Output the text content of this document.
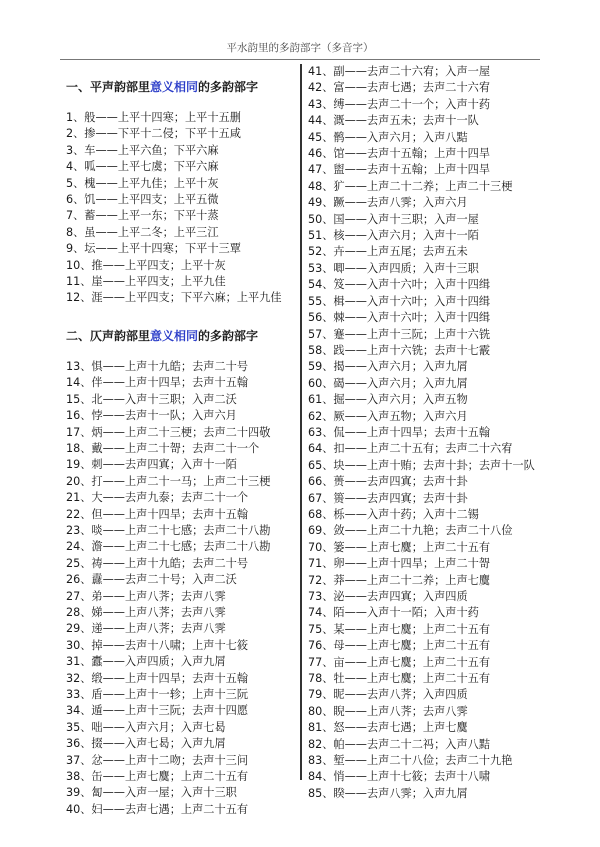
平水韵里的多韵部字（多音字）
一、平声韵部里意义相同的多韵部字
1、般——上平十四寒；上平十五删
2、掺——下平十二侵；下平十五咸
3、车——上平六鱼；下平六麻
4、呱——上平七虞；下平六麻
5、槐——上平九佳；上平十灰
6、饥——上平四支；上平五微
7、蓄——上平一东；下平十蒸
8、虽——上平二冬；上平三江
9、坛——上平十四寒；下平十三覃
10、推——上平四支；上平十灰
11、崖——上平四支；上平九佳
12、涯——上平四支；下平六麻；上平九佳
二、仄声韵部里意义相同的多韵部字
13、惧——上声十九皓；去声二十号
14、伴——上声十四旱；去声十五翰
15、北——入声十三职；入声二沃
16、悖——去声十一队；入声六月
17、炳——上声二十三梗；去声二十四敬
18、戴——上声二十哿；去声二十一个
19、刺——去声四寘；入声十一陌
20、打——上声二十一马；上声二十三梗
21、大——去声九泰；去声二十一个
22、但——上声十四旱；去声十五翰
23、啖——上声二十七感；去声二十八勘
24、澹——上声二十七感；去声二十八勘
25、祷——上声十九皓；去声二十号
26、纛——去声二十号；入声二沃
27、弟——上声八荠；去声八霁
28、娣——上声八荠；去声八霁
29、递——上声八荠；去声八霁
30、掉——去声十八啸；上声十七筱
31、蠹——入声四质；入声九屑
32、缎——上声十四旱；去声十五翰
33、盾——上声十一轸；上声十三阮
34、遁——上声十三阮；去声十四愿
35、咄——入声六月；入声七曷
36、掇——入声七曷；入声九屑
37、忿——上声十二吻；去声十三问
38、缶——上声七麌；上声二十五有
39、匐——入声一屋；入声十三职
40、妇——去声七遇；上声二十五有
41、副——去声二十六宥；入声一屋
42、富——去声七遇；去声二十六宥
43、缚——去声二十一个；入声十药
44、溉——去声五未；去声十一队
45、鹘——入声六月；入声八黠
46、馆——去声十五翰；上声十四旱
47、盥——去声十五翰；上声十四旱
48、犷——上声二十二养；上声二十三梗
49、蹶——去声八霁；入声六月
50、国——入声十三职；入声一屋
51、核——入声六月；入声十一陌
52、卉——上声五尾；去声五未
53、唧——入声四质；入声十三职
54、笈——入声十六叶；入声十四缉
55、楫——入声十六叶；入声十四缉
56、棘——入声十六叶；入声十四缉
57、蹇——上声十三阮；上声十六铣
58、践——上声十六铣；去声十七霰
59、揭——入声六月；入声九屑
60、碣——入声六月；入声九屑
61、掘——入声六月；入声五物
62、厥——入声五物；入声六月
63、侃——上声十四旱；去声十五翰
64、扣——上声二十五有；去声二十六宥
65、块——上声十贿；去声十卦；去声十一队
66、蒉——去声四寘；去声十卦
67、篑——去声四寘；去声十卦
68、栎——入声十药；入声十二锡
69、敛——上声二十九艳；去声二十八俭
70、篓——上声七麌；上声二十五有
71、卵——上声十四旱；上声二十哿
72、莽——上声二十二养；上声七麌
73、泌——去声四寘；入声四质
74、陌——入声十一陌；入声十药
75、某——上声七麌；上声二十五有
76、母——上声七麌；上声二十五有
77、亩——上声七麌；上声二十五有
78、牡——上声七麌；上声二十五有
79、昵——去声八荠；入声四质
80、睨——上声八荠；去声八霁
81、怒——去声七遇；上声七麌
82、帕——去声二十二祃；入声八黠
83、堑——上声二十八俭；去声二十九艳
84、悄——上声十七筱；去声十八啸
85、睽——去声八霁；入声九屑
